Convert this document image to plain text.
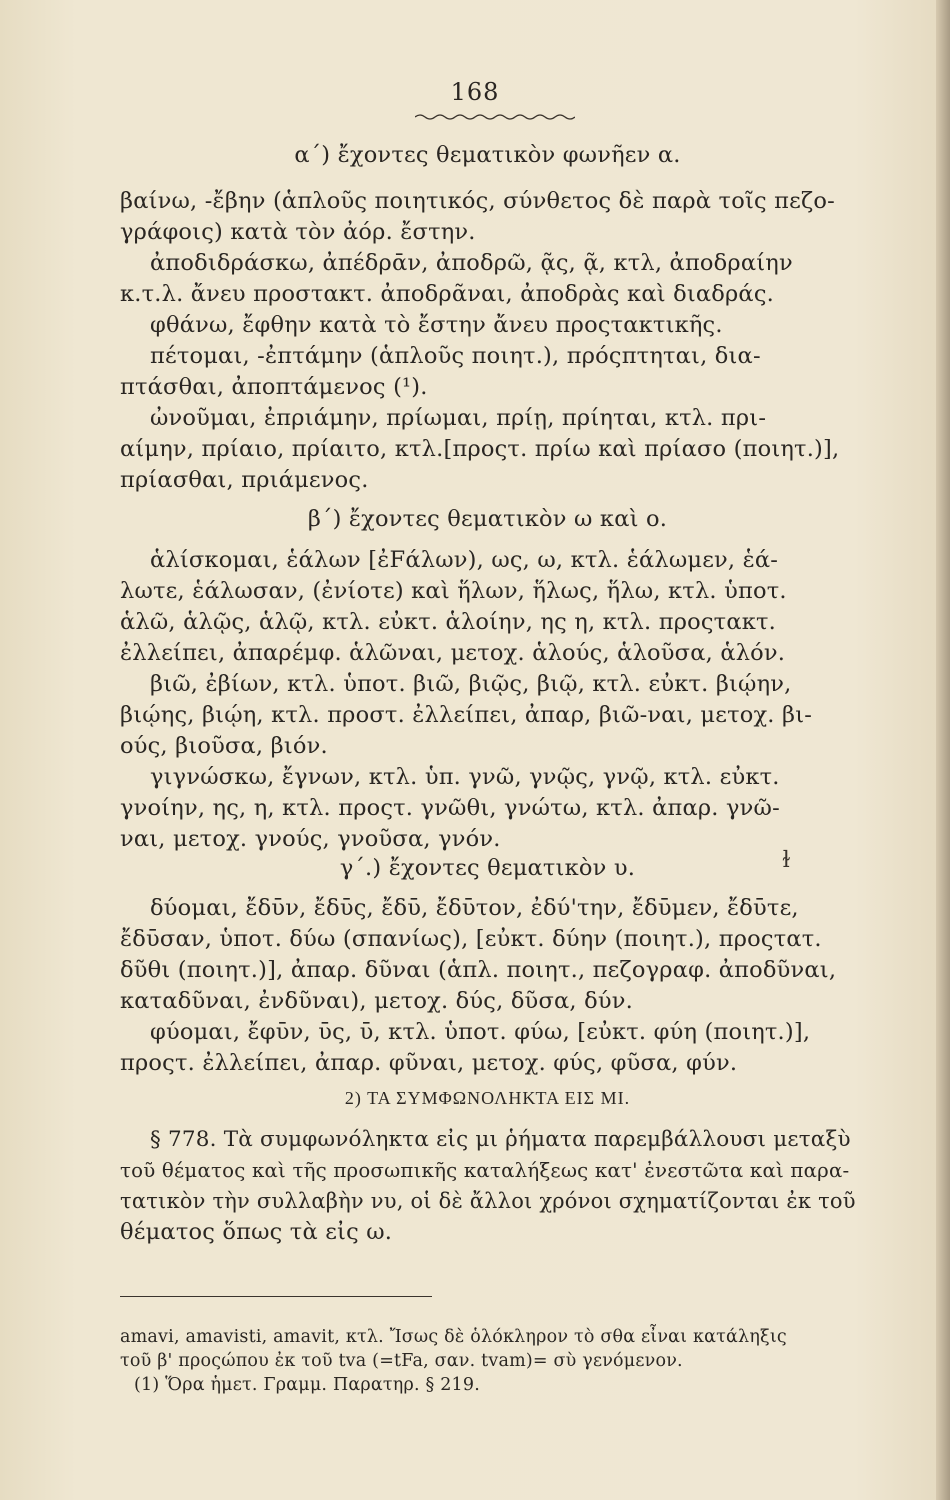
168
α΄) ἔχοντες θεματικὸν φωνῆεν α.
βαίνω, -ἔβην (ἁπλοῦς ποιητικός, σύνθετος δὲ παρὰ τοῖς πεζο-
γράφοις) κατὰ τὸν ἀόρ. ἔστην.
ἀποδιδράσκω, ἀπέδρᾱν, ἀποδρῶ, ᾷς, ᾷ, κτλ, ἀποδραίην
κ.τ.λ. ἄνευ προστακτ. ἀποδρᾶναι, ἀποδρὰς καὶ διαδράς.
φθάνω, ἔφθην κατὰ τὸ ἔστην ἄνευ προςτακτικῆς.
πέτομαι, -ἐπτάμην (ἁπλοῦς ποιητ.), πρόςπτηται, δια-
πτάσθαι, ἀποπτάμενος (¹).
ὠνοῦμαι, ἐπριάμην, πρίωμαι, πρίῃ, πρίηται, κτλ. πρι-
αίμην, πρίαιο, πρίαιτο, κτλ.[προςτ. πρίω καὶ πρίασο (ποιητ.)],
πρίασθαι, πριάμενος.
β΄) ἔχοντες θεματικὸν ω καὶ ο.
ἁλίσκομαι, ἑάλων [ἐFάλων), ως, ω, κτλ. ἑάλωμεν, ἑά-
λωτε, ἑάλωσαν, (ἐνίοτε) καὶ ἥλων, ἥλως, ἥλω, κτλ. ὑποτ.
ἁλῶ, ἁλῷς, ἁλῷ, κτλ. εὐκτ. ἁλοίην, ης η, κτλ. προςτακτ.
ἐλλείπει, ἀπαρέμφ. ἁλῶναι, μετοχ. ἁλούς, ἁλοῦσα, ἁλόν.
βιῶ, ἐβίων, κτλ. ὑποτ. βιῶ, βιῷς, βιῷ, κτλ. εὐκτ. βιῴην,
βιῴης, βιῴη, κτλ. προστ. ἐλλείπει, ἀπαρ, βιῶ-ναι, μετοχ. βι-
ούς, βιοῦσα, βιόν.
γιγνώσκω, ἔγνων, κτλ. ὑπ. γνῶ, γνῷς, γνῷ, κτλ. εὐκτ.
γνοίην, ης, η, κτλ. προςτ. γνῶθι, γνώτω, κτλ. ἀπαρ. γνῶ-
ναι, μετοχ. γνούς, γνοῦσα, γνόν.
γ΄.) ἔχοντες θεματικὸν υ.	ɫ
δύομαι, ἔδῡν, ἔδῡς, ἔδῡ, ἔδῡτον, ἐδύ'την, ἔδῡμεν, ἔδῡτε,
ἔδῡσαν, ὑποτ. δύω (σπανίως), [εὐκτ. δύην (ποιητ.), προςτατ.
δῦθι (ποιητ.)], ἀπαρ. δῦναι (ἁπλ. ποιητ., πεζογραφ. ἀποδῦναι,
καταδῦναι, ἐνδῦναι), μετοχ. δύς, δῦσα, δύν.
φύομαι, ἔφῡν, ῡς, ῡ, κτλ. ὑποτ. φύω, [εὐκτ. φύη (ποιητ.)],
προςτ. ἐλλείπει, ἀπαρ. φῦναι, μετοχ. φύς, φῦσα, φύν.
2) ΤΑ ΣΥΜΦΩΝΟΛΗΚΤΑ ΕΙΣ ΜΙ.
§ 778. Τὰ συμφωνόληκτα εἰς μι ῥήματα παρεμβάλλουσι μεταξὺ
τοῦ θέματος καὶ τῆς προσωπικῆς καταλήξεως κατ' ἐνεστῶτα καὶ παρα-
τατικὸν τὴν συλλαβὴν νυ, οἱ δὲ ἄλλοι χρόνοι σχηματίζονται ἐκ τοῦ
θέματος ὅπως τὰ εἰς ω.
amavi, amavisti, amavit, κτλ. Ἴσως δὲ ὁλόκληρον τὸ σθα εἶναι κατάληξις
τοῦ β' προςώπου ἐκ τοῦ tva (=tFa, σαν. tvam)= σὺ γενόμενον.
(1) Ὅρα ἡμετ. Γραμμ. Παρατηρ. § 219.
